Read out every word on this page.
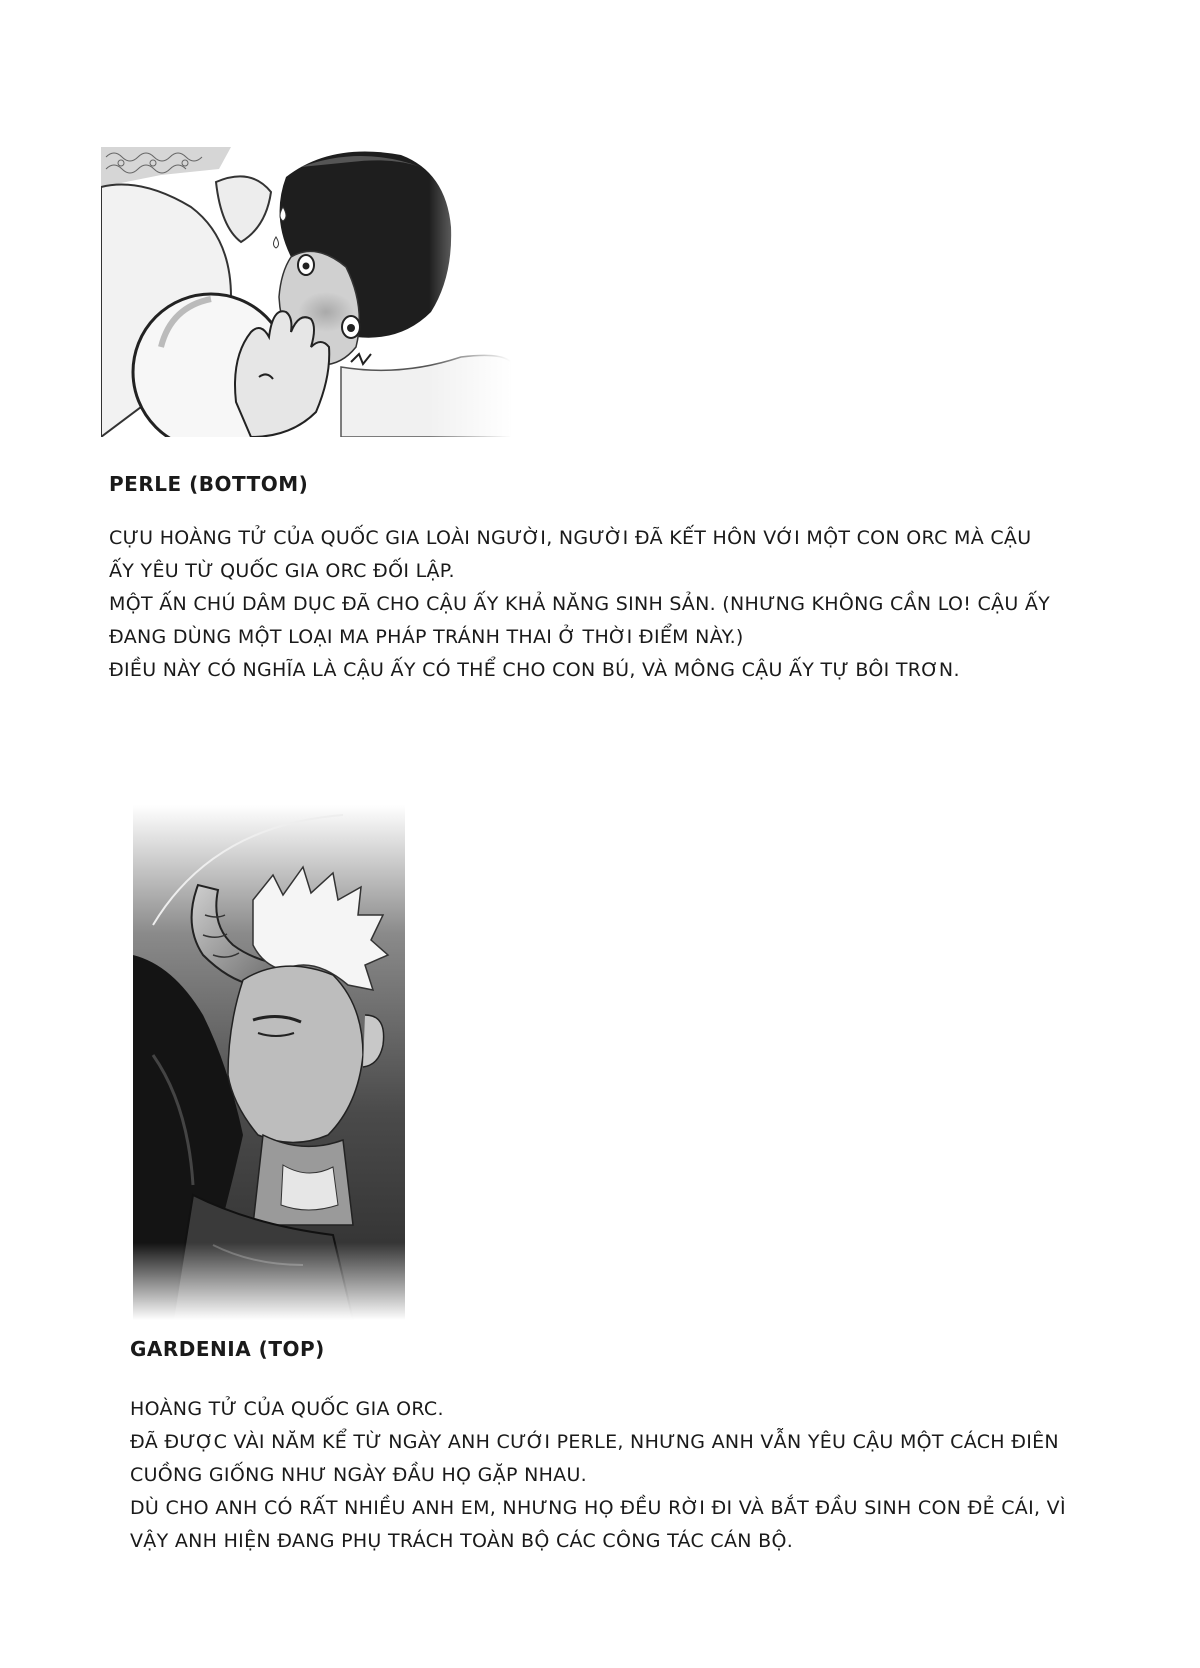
PERLE (BOTTOM)
CỰU HOÀNG TỬ CỦA QUỐC GIA LOÀI NGƯỜI, NGƯỜI ĐÃ KẾT HÔN VỚI MỘT CON ORC MÀ CẬU
ẤY YÊU TỪ QUỐC GIA ORC ĐỐI LẬP.
MỘT ẤN CHÚ DÂM DỤC ĐÃ CHO CẬU ẤY KHẢ NĂNG SINH SẢN. (NHƯNG KHÔNG CẦN LO! CẬU ẤY
ĐANG DÙNG MỘT LOẠI MA PHÁP TRÁNH THAI Ở THỜI ĐIỂM NÀY.)
ĐIỀU NÀY CÓ NGHĨA LÀ CẬU ẤY CÓ THỂ CHO CON BÚ, VÀ MÔNG CẬU ẤY TỰ BÔI TRƠN.
GARDENIA (TOP)
HOÀNG TỬ CỦA QUỐC GIA ORC.
ĐÃ ĐƯỢC VÀI NĂM KỂ TỪ NGÀY ANH CƯỚI PERLE, NHƯNG ANH VẪN YÊU CẬU MỘT CÁCH ĐIÊN
CUỒNG GIỐNG NHƯ NGÀY ĐẦU HỌ GẶP NHAU.
DÙ CHO ANH CÓ RẤT NHIỀU ANH EM, NHƯNG HỌ ĐỀU RỜI ĐI VÀ BẮT ĐẦU SINH CON ĐẺ CÁI, VÌ
VẬY ANH HIỆN ĐANG PHỤ TRÁCH TOÀN BỘ CÁC CÔNG TÁC CÁN BỘ.
